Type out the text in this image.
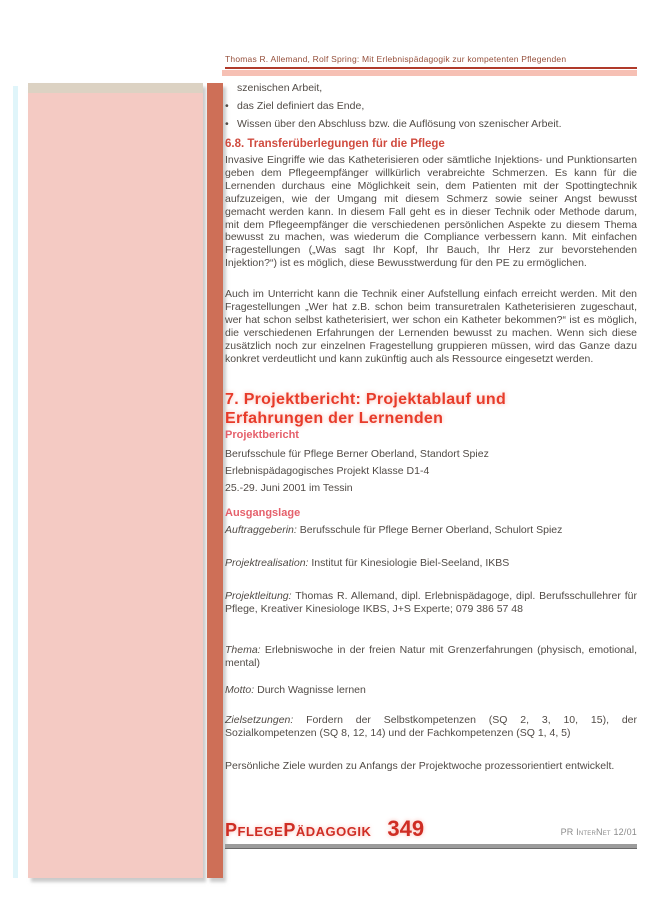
Thomas R. Allemand, Rolf Spring: Mit Erlebnispädagogik zur kompetenten Pflegenden
szenischen Arbeit,
• das Ziel definiert das Ende,
• Wissen über den Abschluss bzw. die Auflösung von szenischer Arbeit.
6.8. Transferüberlegungen für die Pflege
Invasive Eingriffe wie das Katheterisieren oder sämtliche Injektions- und Punktionsarten geben dem Pflegeempfänger willkürlich verabreichte Schmerzen. Es kann für die Lernenden durchaus eine Möglichkeit sein, dem Patienten mit der Spottingtechnik aufzuzeigen, wie der Umgang mit diesem Schmerz sowie seiner Angst bewusst gemacht werden kann. In diesem Fall geht es in dieser Technik oder Methode darum, mit dem Pflegeempfänger die verschiedenen persönlichen Aspekte zu diesem Thema bewusst zu machen, was wiederum die Compliance verbessern kann. Mit einfachen Fragestellungen („Was sagt Ihr Kopf, Ihr Bauch, Ihr Herz zur bevorstehenden Injektion?“) ist es möglich, diese Bewusstwerdung für den PE zu ermöglichen.
Auch im Unterricht kann die Technik einer Aufstellung einfach erreicht werden. Mit den Fragestellungen „Wer hat z.B. schon beim transuretralen Katheterisieren zugeschaut, wer hat schon selbst katheterisiert, wer schon ein Katheter bekommen?“ ist es möglich, die verschiedenen Erfahrungen der Lernenden bewusst zu machen. Wenn sich diese zusätzlich noch zur einzelnen Fragestellung gruppieren müssen, wird das Ganze dazu konkret verdeutlicht und kann zukünftig auch als Ressource eingesetzt werden.
7. Projektbericht: Projektablauf und
Erfahrungen der Lernenden
Projektbericht
Berufsschule für Pflege Berner Oberland, Standort Spiez
Erlebnispädagogisches Projekt Klasse D1-4
25.-29. Juni 2001 im Tessin
Ausgangslage
Auftraggeberin: Berufsschule für Pflege Berner Oberland, Schulort Spiez
Projektrealisation: Institut für Kinesiologie Biel-Seeland, IKBS
Projektleitung: Thomas R. Allemand, dipl. Erlebnispädagoge, dipl. Berufsschullehrer für Pflege, Kreativer Kinesiologe IKBS, J+S Experte; 079 386 57 48
Thema: Erlebniswoche in der freien Natur mit Grenzerfahrungen (physisch, emotional, mental)
Motto: Durch Wagnisse lernen
Zielsetzungen: Fordern der Selbstkompetenzen (SQ 2, 3, 10, 15), der Sozialkompetenzen (SQ 8, 12, 14) und der Fachkompetenzen (SQ 1, 4, 5)
Persönliche Ziele wurden zu Anfangs der Projektwoche prozessorientiert entwickelt.
PflegePädagogik 349	PR InterNet 12/01
